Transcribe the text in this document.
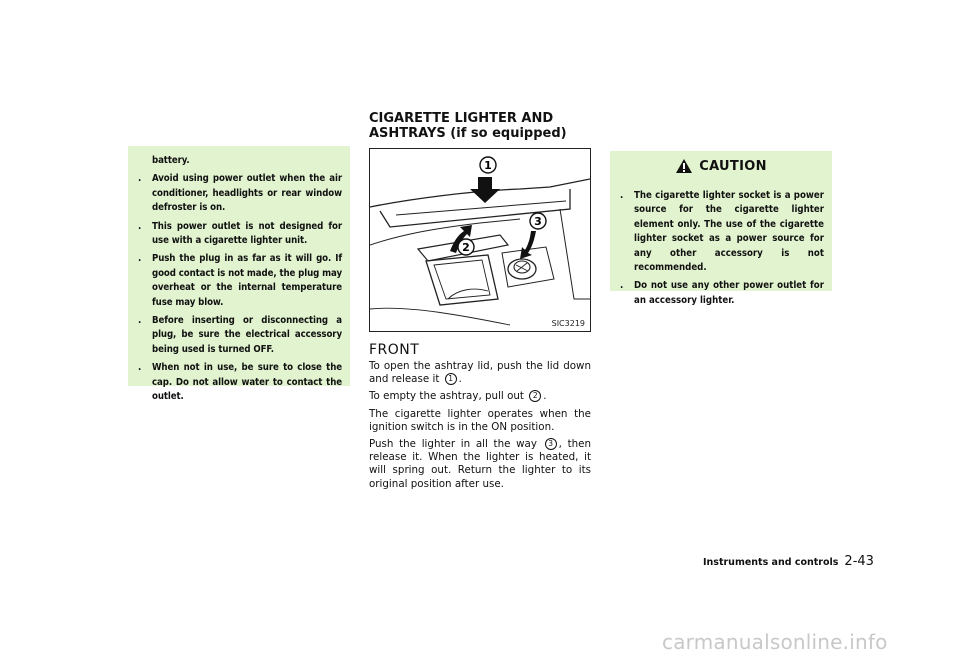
battery.

. Avoid using power outlet when the air conditioner, headlights or rear window defroster is on.
. This power outlet is not designed for use with a cigarette lighter unit.
. Push the plug in as far as it will go. If good contact is not made, the plug may overheat or the internal temperature fuse may blow.
. Before inserting or disconnecting a plug, be sure the electrical accessory being used is turned OFF.
. When not in use, be sure to close the cap. Do not allow water to contact the outlet.
CIGARETTE LIGHTER AND ASHTRAYS (if so equipped)
1
2
3
SIC3219
FRONT

To open the ashtray lid, push the lid down and release it 1 .

To empty the ashtray, pull out 2 .

The cigarette lighter operates when the ignition switch is in the ON position.

Push the lighter in all the way 3 , then release it. When the lighter is heated, it will spring out. Return the lighter to its original position after use.

CAUTION
. The cigarette lighter socket is a power source for the cigarette lighter element only. The use of the cigarette lighter socket as a power source for any other accessory is not recommended.
. Do not use any other power outlet for an accessory lighter.
Instruments and controls 2-43
carmanualsonline.info
